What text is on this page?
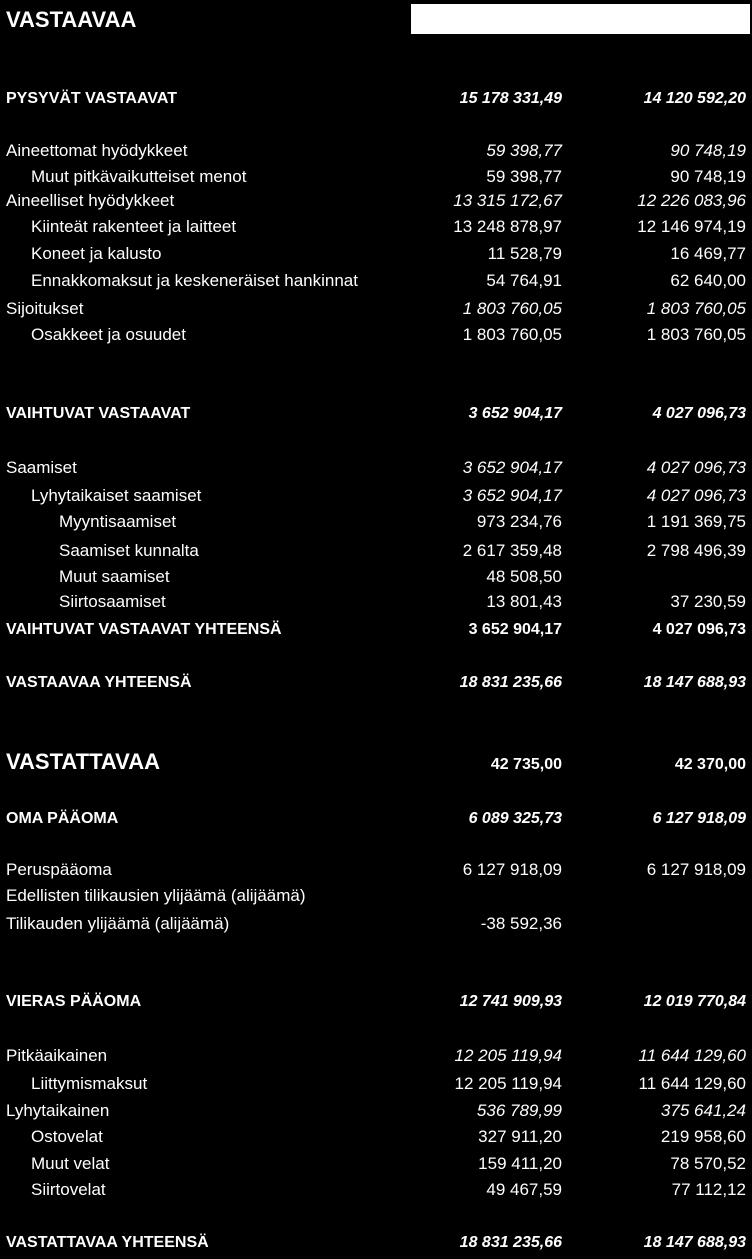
VASTAAVAA
PYSYVÄT VASTAAVAT	15 178 331,49	14 120 592,20
Aineettomat hyödykkeet	59 398,77	90 748,19
Muut pitkävaikutteiset menot	59 398,77	90 748,19
Aineelliset hyödykkeet	13 315 172,67	12 226 083,96
Kiinteät rakenteet ja laitteet	13 248 878,97	12 146 974,19
Koneet ja kalusto	11 528,79	16 469,77
Ennakkomaksut ja keskeneräiset hankinnat	54 764,91	62 640,00
Sijoitukset	1 803 760,05	1 803 760,05
Osakkeet ja osuudet	1 803 760,05	1 803 760,05
VAIHTUVAT VASTAAVAT	3 652 904,17	4 027 096,73
Saamiset	3 652 904,17	4 027 096,73
Lyhytaikaiset saamiset	3 652 904,17	4 027 096,73
Myyntisaamiset	973 234,76	1 191 369,75
Saamiset kunnalta	2 617 359,48	2 798 496,39
Muut saamiset	48 508,50
Siirtosaamiset	13 801,43	37 230,59
VAIHTUVAT VASTAAVAT YHTEENSÄ	3 652 904,17	4 027 096,73
VASTAAVAA YHTEENSÄ	18 831 235,66	18 147 688,93
VASTATTAVAA	42 735,00	42 370,00
OMA PÄÄOMA	6 089 325,73	6 127 918,09
Peruspääoma	6 127 918,09	6 127 918,09
Edellisten tilikausien ylijäämä (alijäämä)
Tilikauden ylijäämä (alijäämä)	-38 592,36
VIERAS PÄÄOMA	12 741 909,93	12 019 770,84
Pitkäaikainen	12 205 119,94	11 644 129,60
Liittymismaksut	12 205 119,94	11 644 129,60
Lyhytaikainen	536 789,99	375 641,24
Ostovelat	327 911,20	219 958,60
Muut velat	159 411,20	78 570,52
Siirtovelat	49 467,59	77 112,12
VASTATTAVAA YHTEENSÄ	18 831 235,66	18 147 688,93
